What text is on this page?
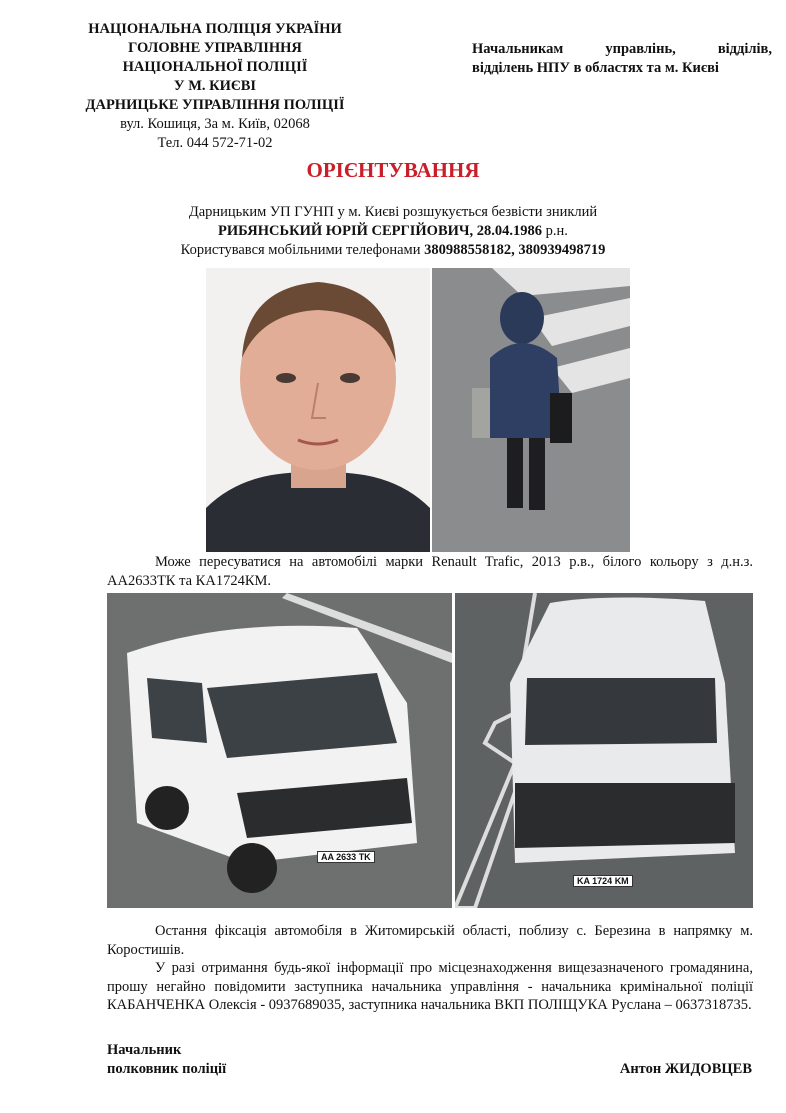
НАЦІОНАЛЬНА ПОЛІЦІЯ УКРАЇНИ
ГОЛОВНЕ УПРАВЛІННЯ
НАЦІОНАЛЬНОЇ ПОЛІЦІЇ
У М. КИЄВІ
ДАРНИЦЬКЕ УПРАВЛІННЯ ПОЛІЦІЇ
вул. Кошиця, 3а м. Київ, 02068
Тел. 044 572-71-02
Начальникам управлінь, відділів,
відділень НПУ в областях та м. Києві
ОРІЄНТУВАННЯ
Дарницьким УП ГУНП у м. Києві розшукується безвісти зниклий
РИБЯНСЬКИЙ ЮРІЙ СЕРГІЙОВИЧ, 28.04.1986 р.н.
Користувався мобільними телефонами 380988558182, 380939498719

Може пересуватися на автомобілі марки Renault Trafic, 2013 р.в., білого кольору з д.н.з. АА2633ТК та КА1724КМ.

AA 2633 TK
KA 1724 KM

Остання фіксація автомобіля в Житомирській області, поблизу с. Березина в напрямку м. Коростишів.

У разі отримання будь-якої інформації про місцезнаходження вищезазначеного громадянина, прошу негайно повідомити заступника начальника управління - начальника кримінальної поліції КАБАНЧЕНКА Олексія - 0937689035, заступника начальника ВКП ПОЛІЩУКА Руслана – 0637318735.

Начальник
полковник поліції	Антон ЖИДОВЦЕВ
